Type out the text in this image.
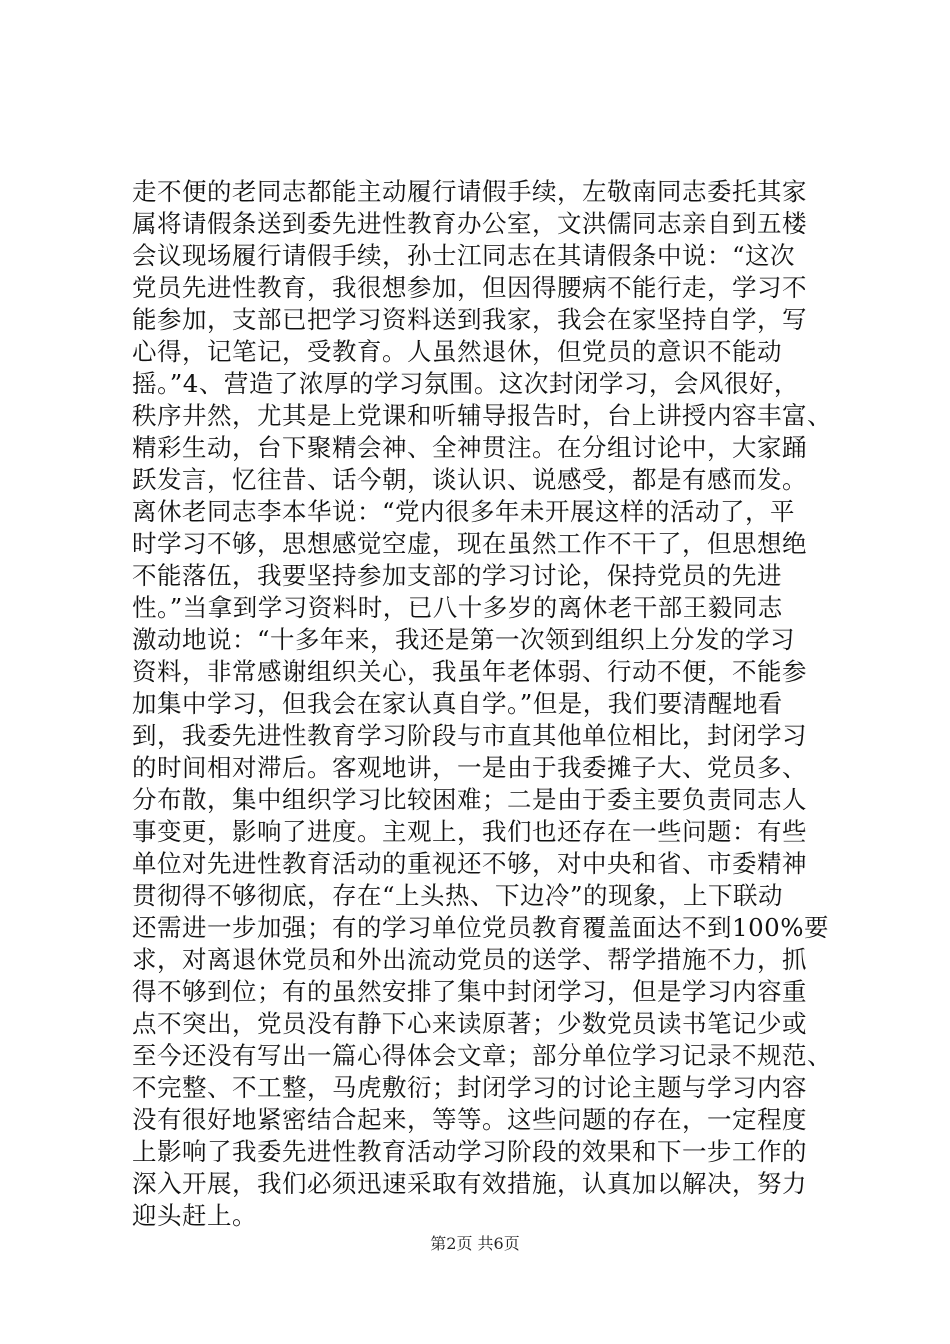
走不便的老同志都能主动履行请假手续，左敬南同志委托其家
属将请假条送到委先进性教育办公室，文洪儒同志亲自到五楼
会议现场履行请假手续，孙士江同志在其请假条中说：“这次
党员先进性教育，我很想参加，但因得腰病不能行走，学习不
能参加，支部已把学习资料送到我家，我会在家坚持自学，写
心得，记笔记，受教育。人虽然退休，但党员的意识不能动
摇。”4、营造了浓厚的学习氛围。这次封闭学习，会风很好，
秩序井然，尤其是上党课和听辅导报告时，台上讲授内容丰富、
精彩生动，台下聚精会神、全神贯注。在分组讨论中，大家踊
跃发言，忆往昔、话今朝，谈认识、说感受，都是有感而发。
离休老同志李本华说：“党内很多年未开展这样的活动了，平
时学习不够，思想感觉空虚，现在虽然工作不干了，但思想绝
不能落伍，我要坚持参加支部的学习讨论，保持党员的先进
性。”当拿到学习资料时，已八十多岁的离休老干部王毅同志
激动地说：“十多年来，我还是第一次领到组织上分发的学习
资料，非常感谢组织关心，我虽年老体弱、行动不便，不能参
加集中学习，但我会在家认真自学。”但是，我们要清醒地看
到，我委先进性教育学习阶段与市直其他单位相比，封闭学习
的时间相对滞后。客观地讲，一是由于我委摊子大、党员多、
分布散，集中组织学习比较困难；二是由于委主要负责同志人
事变更，影响了进度。主观上，我们也还存在一些问题：有些
单位对先进性教育活动的重视还不够，对中央和省、市委精神
贯彻得不够彻底，存在“上头热、下边冷”的现象，上下联动
还需进一步加强；有的学习单位党员教育覆盖面达不到100%要
求，对离退休党员和外出流动党员的送学、帮学措施不力，抓
得不够到位；有的虽然安排了集中封闭学习，但是学习内容重
点不突出，党员没有静下心来读原著；少数党员读书笔记少或
至今还没有写出一篇心得体会文章；部分单位学习记录不规范、
不完整、不工整，马虎敷衍；封闭学习的讨论主题与学习内容
没有很好地紧密结合起来，等等。这些问题的存在，一定程度
上影响了我委先进性教育活动学习阶段的效果和下一步工作的
深入开展，我们必须迅速采取有效措施，认真加以解决，努力
迎头赶上。
第2页 共6页
